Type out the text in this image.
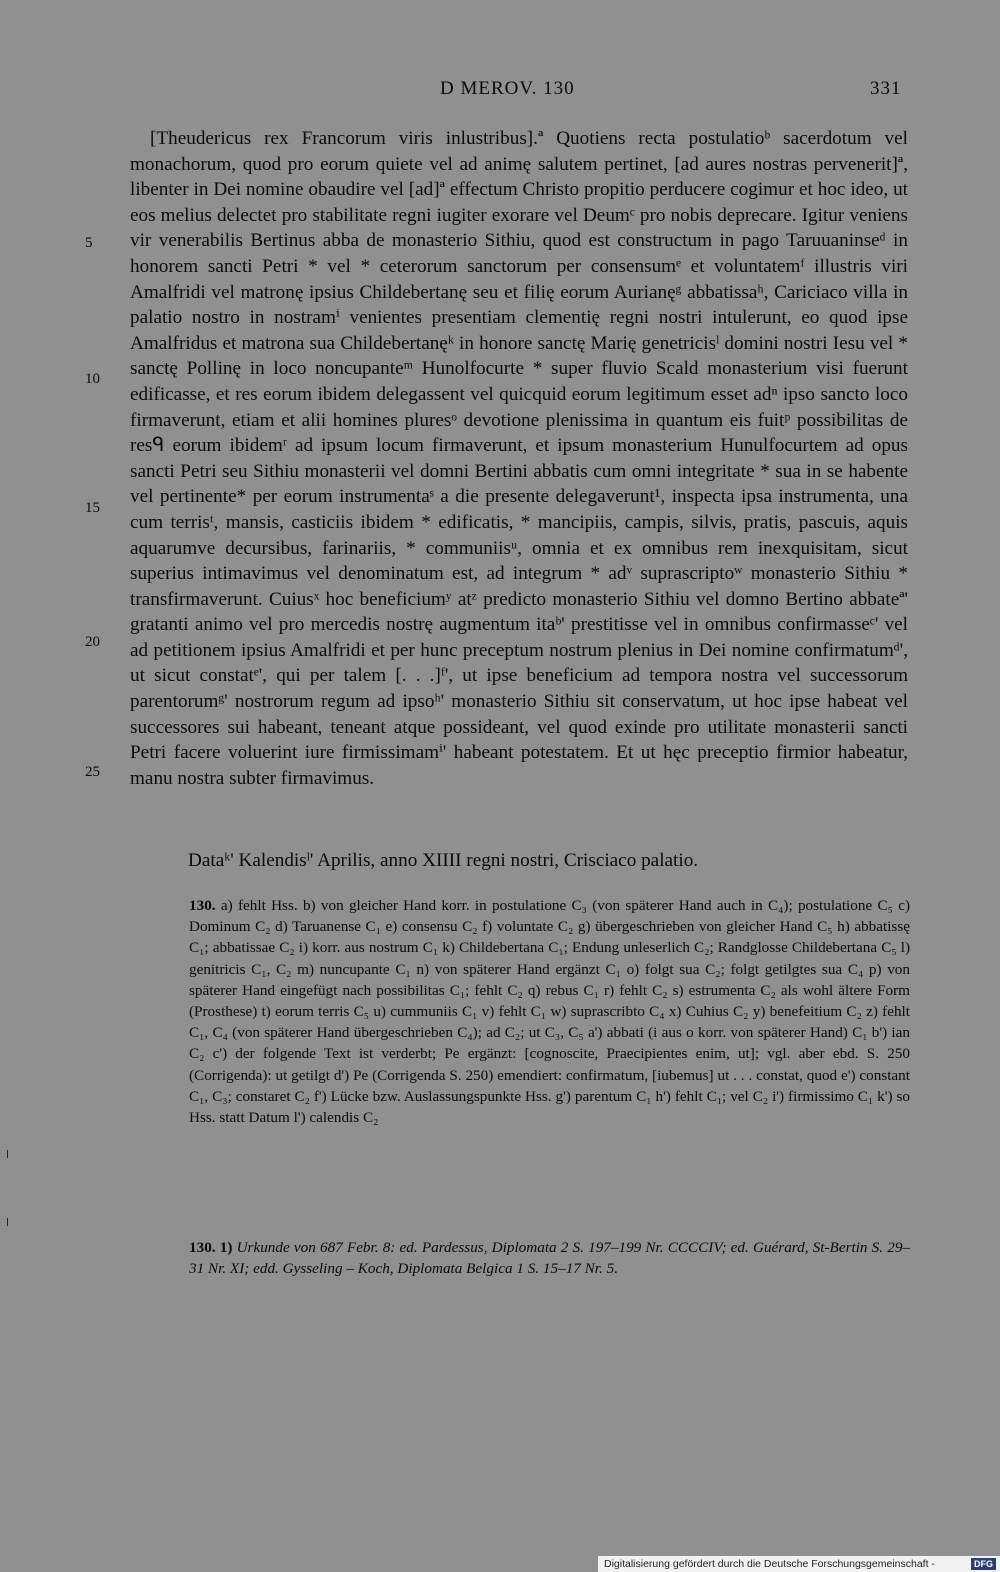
D MEROV. 130	331
5
10
15
20
25

[Theudericus rex Francorum viris inlustribus].ª Quotiens recta postulatioᵇ sacerdotum vel monachorum, quod pro eorum quiete vel ad animę salutem pertinet, [ad aures nostras pervenerit]ª, libenter in Dei nomine obaudire vel [ad]ª effectum Christo propitio perducere cogimur et hoc ideo, ut eos melius delectet pro stabilitate regni iugiter exorare vel Deumᶜ pro nobis deprecare. Igitur veniens vir venerabilis Bertinus abba de monasterio Sithiu, quod est constructum in pago Taruuaninseᵈ in honorem sancti Petri * vel * ceterorum sanctorum per consensumᵉ et voluntatemᶠ illustris viri Amalfridi vel matronę ipsius Childebertanę seu et filię eorum Aurianęᵍ abbatissaʰ, Cariciaco villa in palatio nostro in nostramⁱ venientes presentiam clementię regni nostri intulerunt, eo quod ipse Amalfridus et matrona sua Childebertanęᵏ in honore sanctę Marię genetricisˡ domini nostri Iesu vel * sanctę Pollinę in loco noncupanteᵐ Hunolfocurte * super fluvio Scald monasterium visi fuerunt edificasse, et res eorum ibidem delegassent vel quicquid eorum legitimum esset adⁿ ipso sancto loco firmaverunt, etiam et alii homines pluresᵒ devotione plenissima in quantum eis fuitᵖ possibilitas de resᑫ eorum ibidemʳ ad ipsum locum firmaverunt, et ipsum monasterium Hunulfocurtem ad opus sancti Petri seu Sithiu monasterii vel domni Bertini abbatis cum omni integritate * sua in se habente vel pertinente* per eorum instrumentaˢ a die presente delegaverunt¹, inspecta ipsa instrumenta, una cum terrisᵗ, mansis, casticiis ibidem * edificatis, * mancipiis, campis, silvis, pratis, pascuis, aquis aquarumve decursibus, farinariis, * communiisᵘ, omnia et ex omnibus rem inexquisitam, sicut superius intimavimus vel denominatum est, ad integrum * adᵛ suprascriptoʷ monasterio Sithiu * transfirmaverunt. Cuiusˣ hoc beneficiumʸ atᶻ predicto monasterio Sithiu vel domno Bertino abbateª' gratanti animo vel pro mercedis nostrę augmentum itaᵇ' prestitisse vel in omnibus confirmasseᶜ' vel ad petitionem ipsius Amalfridi et per hunc preceptum nostrum plenius in Dei nomine confirmatumᵈ', ut sicut constatᵉ', qui per talem [. . .]ᶠ', ut ipse beneficium ad tempora nostra vel successorum parentorumᵍ' nostrorum regum ad ipsoʰ' monasterio Sithiu sit conservatum, ut hoc ipse habeat vel successores sui habeant, teneant atque possideant, vel quod exinde pro utilitate monasterii sancti Petri facere voluerint iure firmissimamⁱ' habeant potestatem. Et ut hęc preceptio firmior habeatur, manu nostra subter firmavimus.

Dataᵏ' Kalendisˡ' Aprilis, anno XIIII regni nostri, Crisciaco palatio.
130. a) fehlt Hss. b) von gleicher Hand korr. in postulatione C₃ (von späterer Hand auch in C₄); postulatione C₅ c) Dominum C₂ d) Taruanense C₁ e) consensu C₂ f) voluntate C₂ g) übergeschrieben von gleicher Hand C₅ h) abbatissę C₁; abbatissae C₂ i) korr. aus nostrum C₁ k) Childebertana C₁; Endung unleserlich C₂; Randglosse Childebertana C₅ l) genitricis C₁, C₂ m) nuncupante C₁ n) von späterer Hand ergänzt C₁ o) folgt sua C₂; folgt getilgtes sua C₄ p) von späterer Hand eingefügt nach possibilitas C₁; fehlt C₂ q) rebus C₁ r) fehlt C₂ s) estrumenta C₂ als wohl ältere Form (Prosthese) t) eorum terris C₅ u) cummuniis C₁ v) fehlt C₁ w) suprascribto C₄ x) Cuhius C₂ y) benefeitium C₂ z) fehlt C₁, C₄ (von späterer Hand übergeschrieben C₄); ad C₂; ut C₃, C₅ a') abbati (i aus o korr. von späterer Hand) C₁ b') ian C₂ c') der folgende Text ist verderbt; Pe ergänzt: [cognoscite, Praecipientes enim, ut]; vgl. aber ebd. S. 250 (Corrigenda): ut getilgt d') Pe (Corrigenda S. 250) emendiert: confirmatum, [iubemus] ut . . . constat, quod e') constant C₁, C₃; constaret C₂ f') Lücke bzw. Auslassungspunkte Hss. g') parentum C₁ h') fehlt C₁; vel C₂ i') firmissimo C₁ k') so Hss. statt Datum l') calendis C₂
130. 1) Urkunde von 687 Febr. 8: ed. Pardessus, Diplomata 2 S. 197–199 Nr. CCCCIV; ed. Guérard, St-Bertin S. 29–31 Nr. XI; edd. Gysseling – Koch, Diplomata Belgica 1 S. 15–17 Nr. 5.
Digitalisierung gefördert durch die Deutsche Forschungsgemeinschaft -	DFG
